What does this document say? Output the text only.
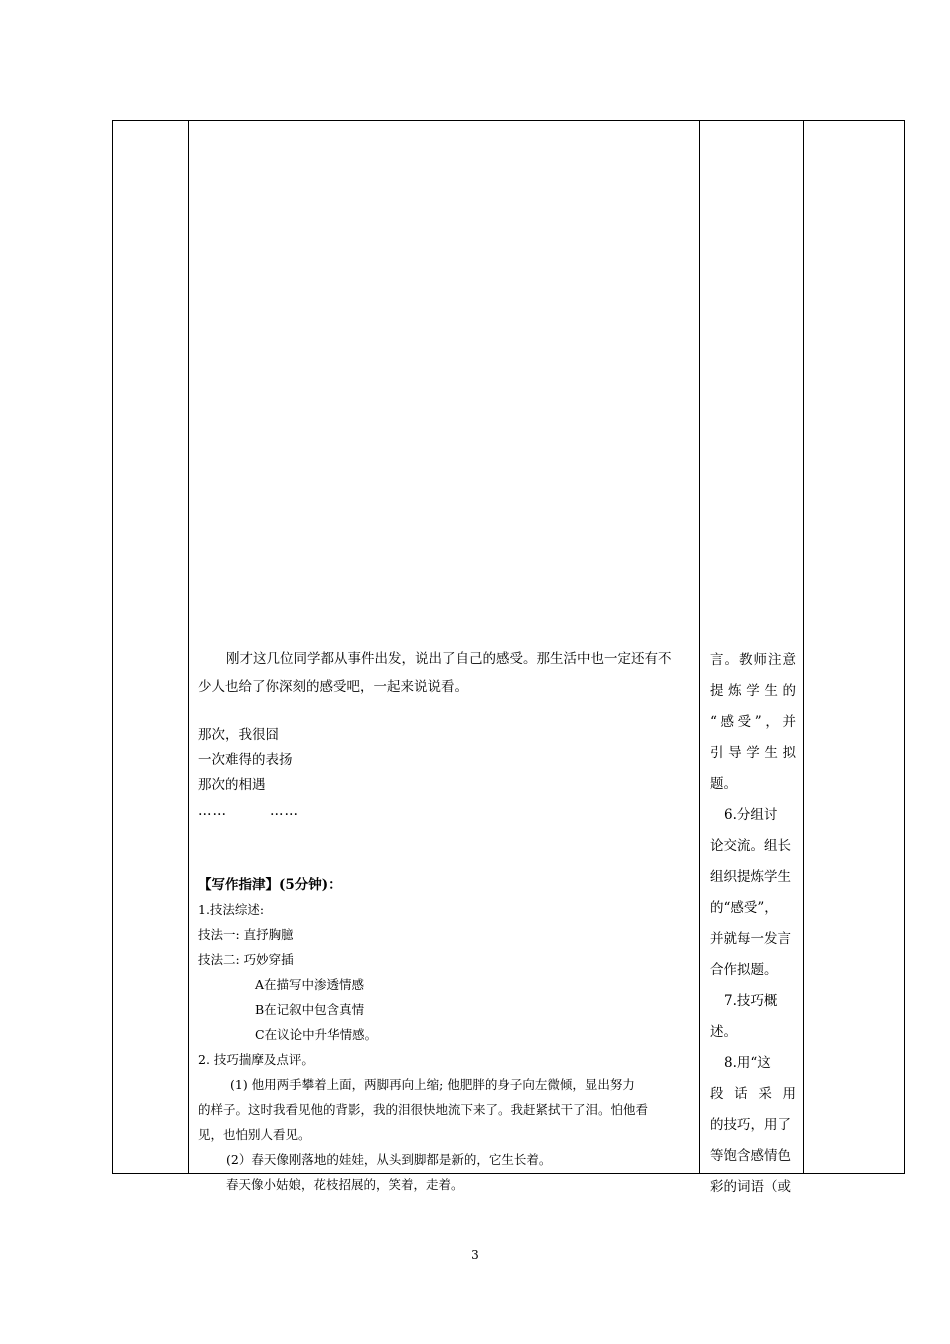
刚才这几位同学都从事件出发，说出了自己的感受。那生活中也一定还有不
少人也给了你深刻的感受吧，一起来说说看。
那次，我很囧
一次难得的表扬
那次的相遇
……	……
【写作指津】(5分钟)：
1.技法综述:
技法一: 直抒胸臆
技法二: 巧妙穿插
A在描写中渗透情感
B在记叙中包含真情
C在议论中升华情感。
2. 技巧揣摩及点评。
(1) 他用两手攀着上面，两脚再向上缩; 他肥胖的身子向左微倾，显出努力
的样子。这时我看见他的背影，我的泪很快地流下来了。我赶紧拭干了泪。怕他看
见，也怕别人看见。
(2）春天像刚落地的娃娃，从头到脚都是新的，它生长着。
春天像小姑娘，花枝招展的，笑着，走着。
言 。 教 师 注 意
提 炼 学 生 的
“ 感 受 ” ， 并
引 导 学 生 拟
题。
6.分组讨
论交流。组长
组织提炼学生
的“感受”，
并就每一发言
合作拟题。
7.技巧概
述。
8.用“这
段 话 采 用
的技巧，用了
等饱含感情色
彩的词语（或
3
